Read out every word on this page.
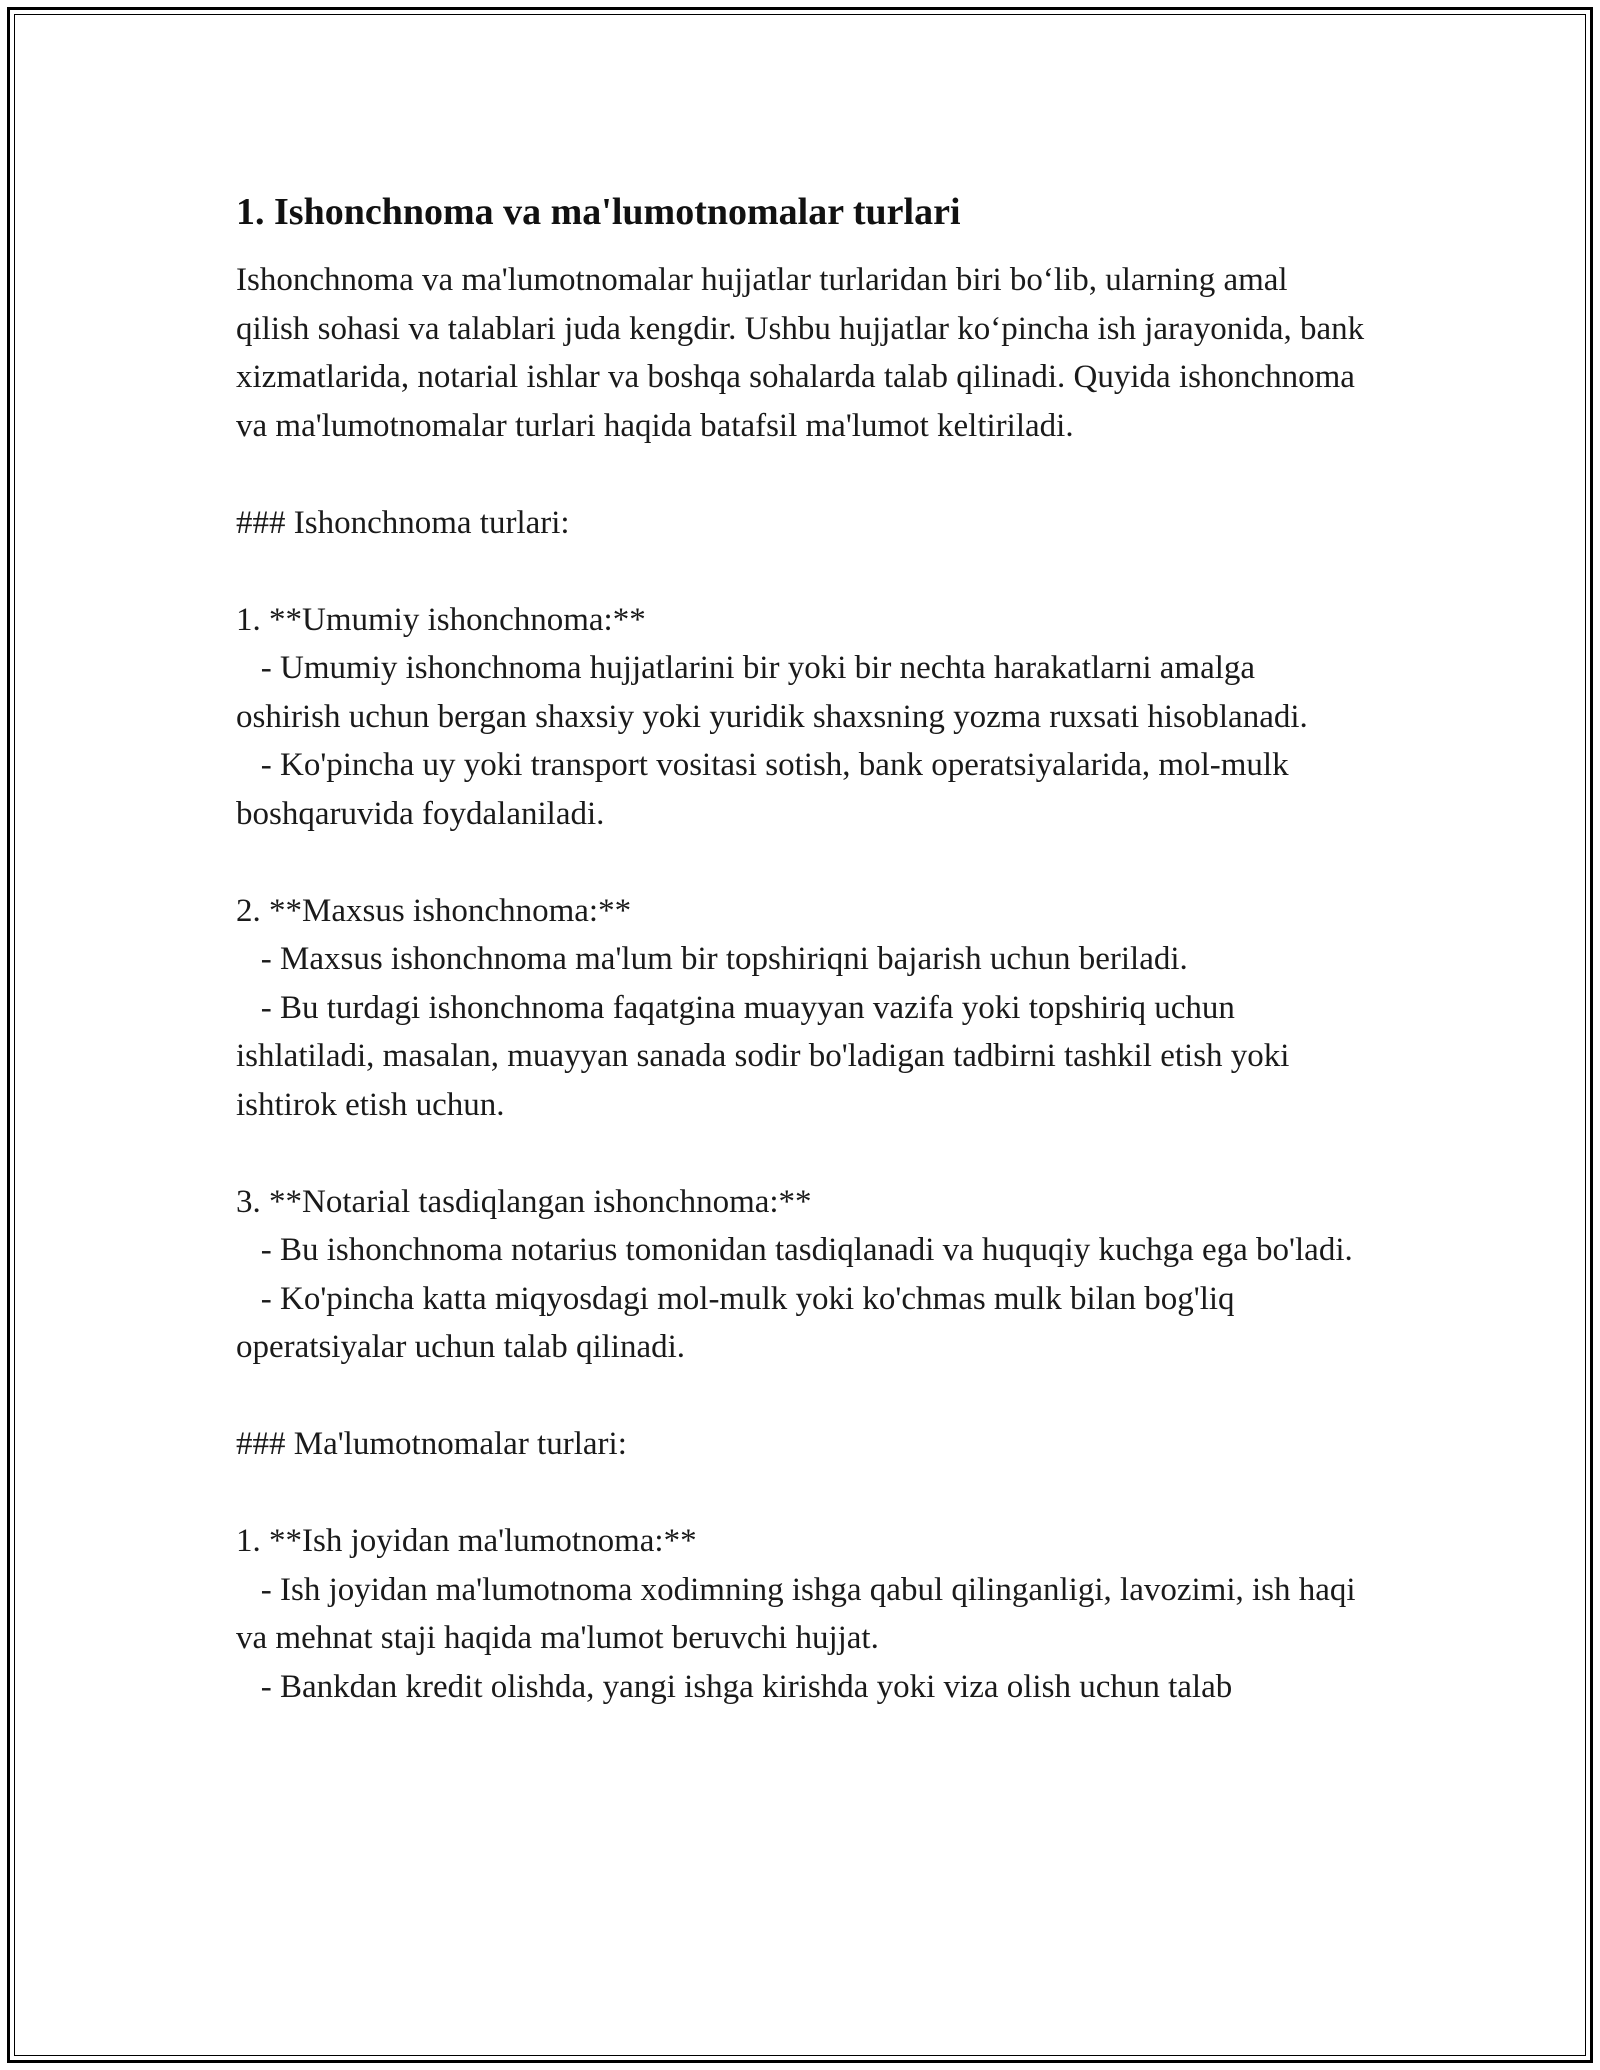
1. Ishonchnoma va ma'lumotnomalar turlari

Ishonchnoma va ma'lumotnomalar hujjatlar turlaridan biri bo‘lib, ularning amal qilish sohasi va talablari juda kengdir. Ushbu hujjatlar ko‘pincha ish jarayonida, bank xizmatlarida, notarial ishlar va boshqa sohalarda talab qilinadi. Quyida ishonchnoma va ma'lumotnomalar turlari haqida batafsil ma'lumot keltiriladi.

### Ishonchnoma turlari:

1. **Umumiy ishonchnoma:**

- Umumiy ishonchnoma hujjatlarini bir yoki bir nechta harakatlarni amalga oshirish uchun bergan shaxsiy yoki yuridik shaxsning yozma ruxsati hisoblanadi.

- Ko'pincha uy yoki transport vositasi sotish, bank operatsiyalarida, mol-mulk boshqaruvida foydalaniladi.

2. **Maxsus ishonchnoma:**

- Maxsus ishonchnoma ma'lum bir topshiriqni bajarish uchun beriladi.

- Bu turdagi ishonchnoma faqatgina muayyan vazifa yoki topshiriq uchun ishlatiladi, masalan, muayyan sanada sodir bo'ladigan tadbirni tashkil etish yoki ishtirok etish uchun.

3. **Notarial tasdiqlangan ishonchnoma:**

- Bu ishonchnoma notarius tomonidan tasdiqlanadi va huquqiy kuchga ega bo'ladi.

- Ko'pincha katta miqyosdagi mol-mulk yoki ko'chmas mulk bilan bog'liq operatsiyalar uchun talab qilinadi.

### Ma'lumotnomalar turlari:

1. **Ish joyidan ma'lumotnoma:**

- Ish joyidan ma'lumotnoma xodimning ishga qabul qilinganligi, lavozimi, ish haqi va mehnat staji haqida ma'lumot beruvchi hujjat.

- Bankdan kredit olishda, yangi ishga kirishda yoki viza olish uchun talab
